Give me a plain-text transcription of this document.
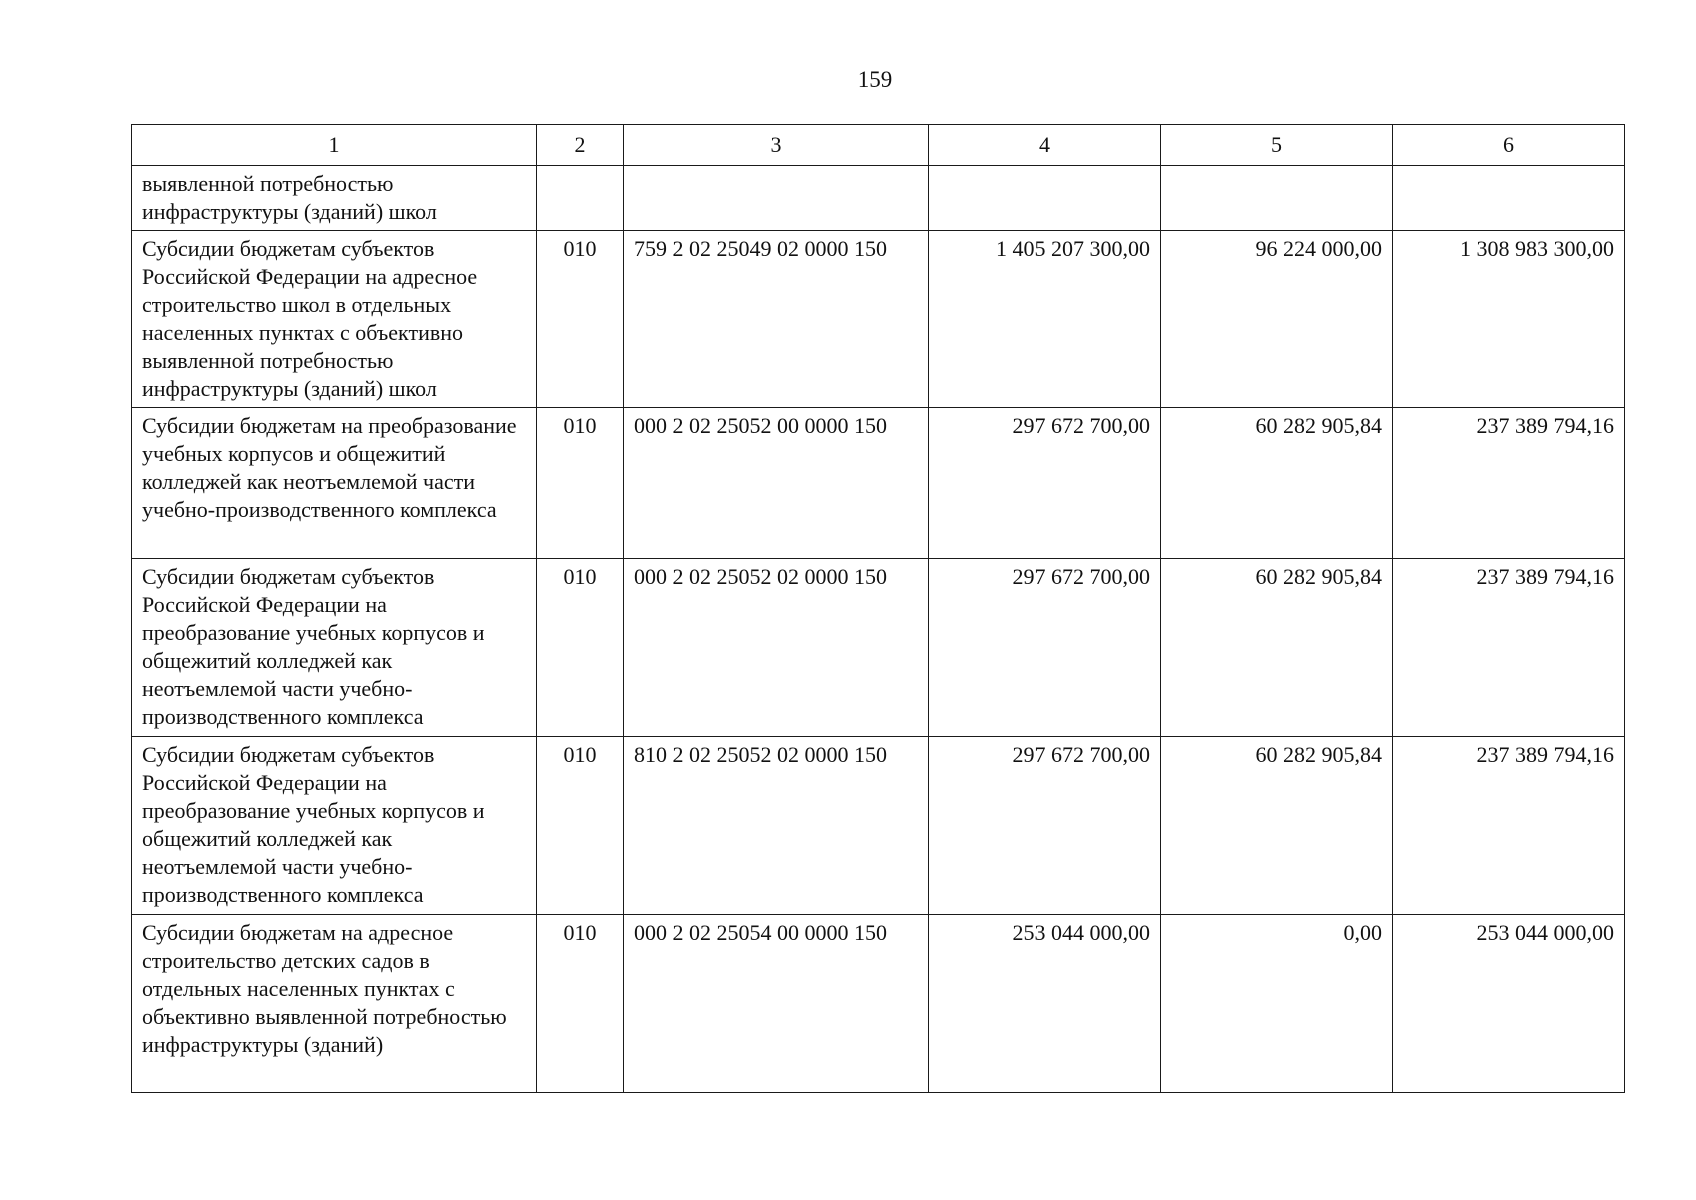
159
1	2	3	4	5	6
выявленной потребностью инфраструктуры (зданий) школ					
Субсидии бюджетам субъектов Российской Федерации на адресное строительство школ в отдельных населенных пунктах с объективно выявленной потребностью инфраструктуры (зданий) школ	010	759 2 02 25049 02 0000 150	1 405 207 300,00	96 224 000,00	1 308 983 300,00
Субсидии бюджетам на преобразование учебных корпусов и общежитий колледжей как неотъемлемой части учебно-производственного комплекса	010	000 2 02 25052 00 0000 150	297 672 700,00	60 282 905,84	237 389 794,16
Субсидии бюджетам субъектов Российской Федерации на преобразование учебных корпусов и общежитий колледжей как неотъемлемой части учебно-производственного комплекса	010	000 2 02 25052 02 0000 150	297 672 700,00	60 282 905,84	237 389 794,16
Субсидии бюджетам субъектов Российской Федерации на преобразование учебных корпусов и общежитий колледжей как неотъемлемой части учебно-производственного комплекса	010	810 2 02 25052 02 0000 150	297 672 700,00	60 282 905,84	237 389 794,16
Субсидии бюджетам на адресное строительство детских садов в отдельных населенных пунктах с объективно выявленной потребностью инфраструктуры (зданий)	010	000 2 02 25054 00 0000 150	253 044 000,00	0,00	253 044 000,00
